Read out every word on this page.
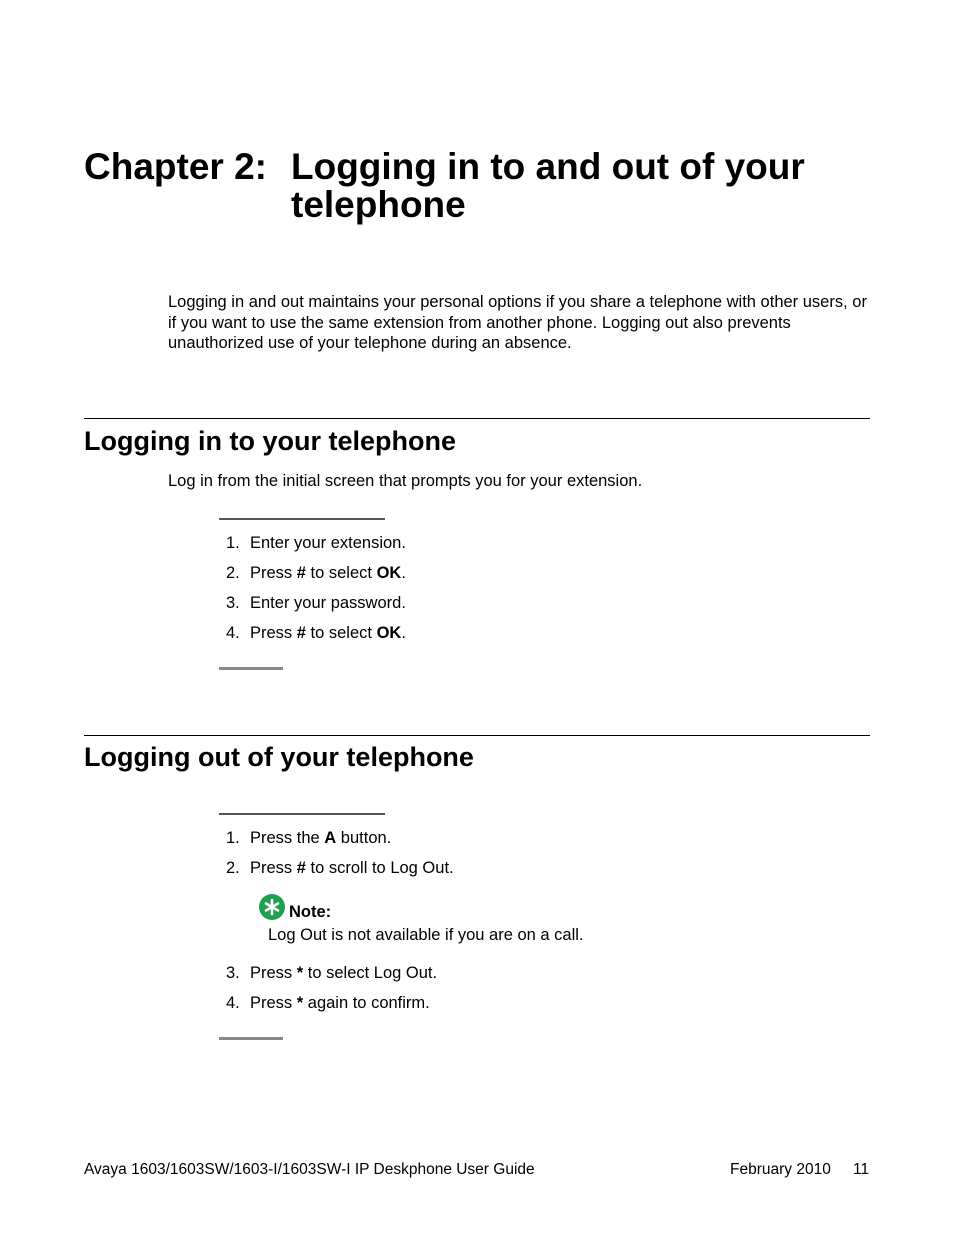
Chapter 2: Logging in to and out of your telephone
Logging in and out maintains your personal options if you share a telephone with other users, or if you want to use the same extension from another phone. Logging out also prevents unauthorized use of your telephone during an absence.
Logging in to your telephone
Log in from the initial screen that prompts you for your extension.
1. Enter your extension.
2. Press # to select OK.
3. Enter your password.
4. Press # to select OK.
Logging out of your telephone
1. Press the A button.
2. Press # to scroll to Log Out.
Note:
Log Out is not available if you are on a call.
3. Press * to select Log Out.
4. Press * again to confirm.
Avaya 1603/1603SW/1603-I/1603SW-I IP Deskphone User Guide	February 2010 11
